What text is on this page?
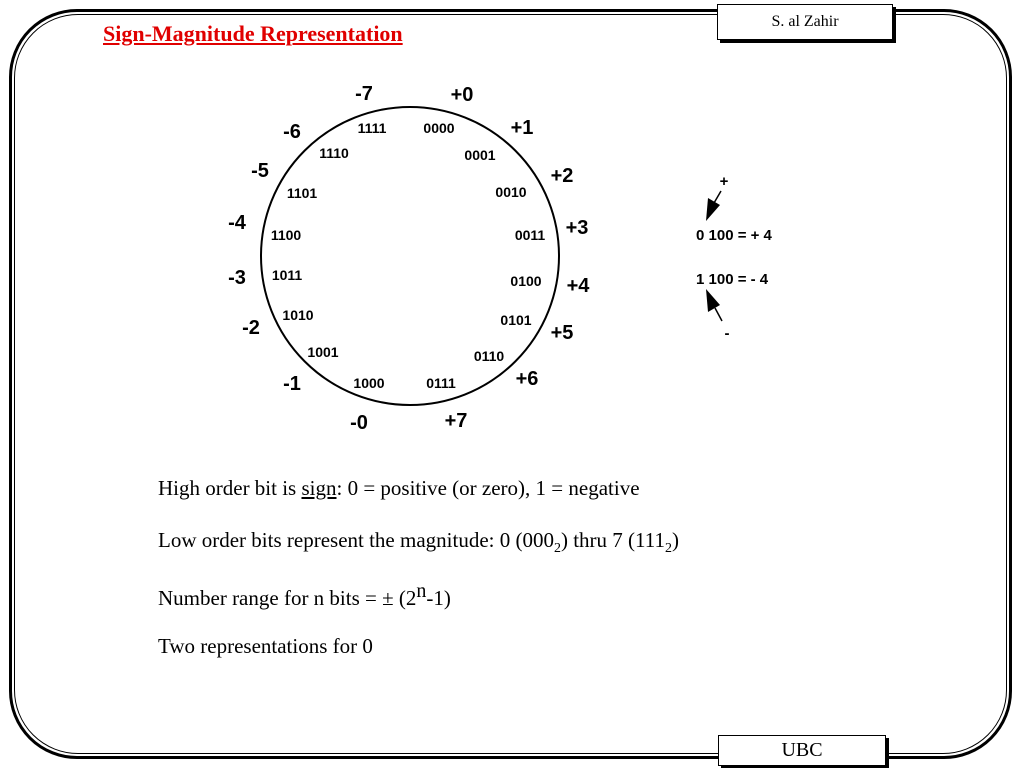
Sign-Magnitude Representation	S. al Zahir
UBC
0000
0001
0010
0011
0100
0101
0110
0111
1000
1001
1010
1011
1100
1101
1110
1111
+0
+1
+2
+3
+4
+5
+6
+7
-0
-1
-2
-3
-4
-5
-6
-7
+
0 100 = + 4
1 100 = - 4
-
High order bit is sign: 0 = positive (or zero), 1 = negative
Low order bits represent the magnitude: 0 $(000_2)$ thru 7 $(111_2)$
Number range for n bits = ± $(2^n-1)$
Two representations for 0
